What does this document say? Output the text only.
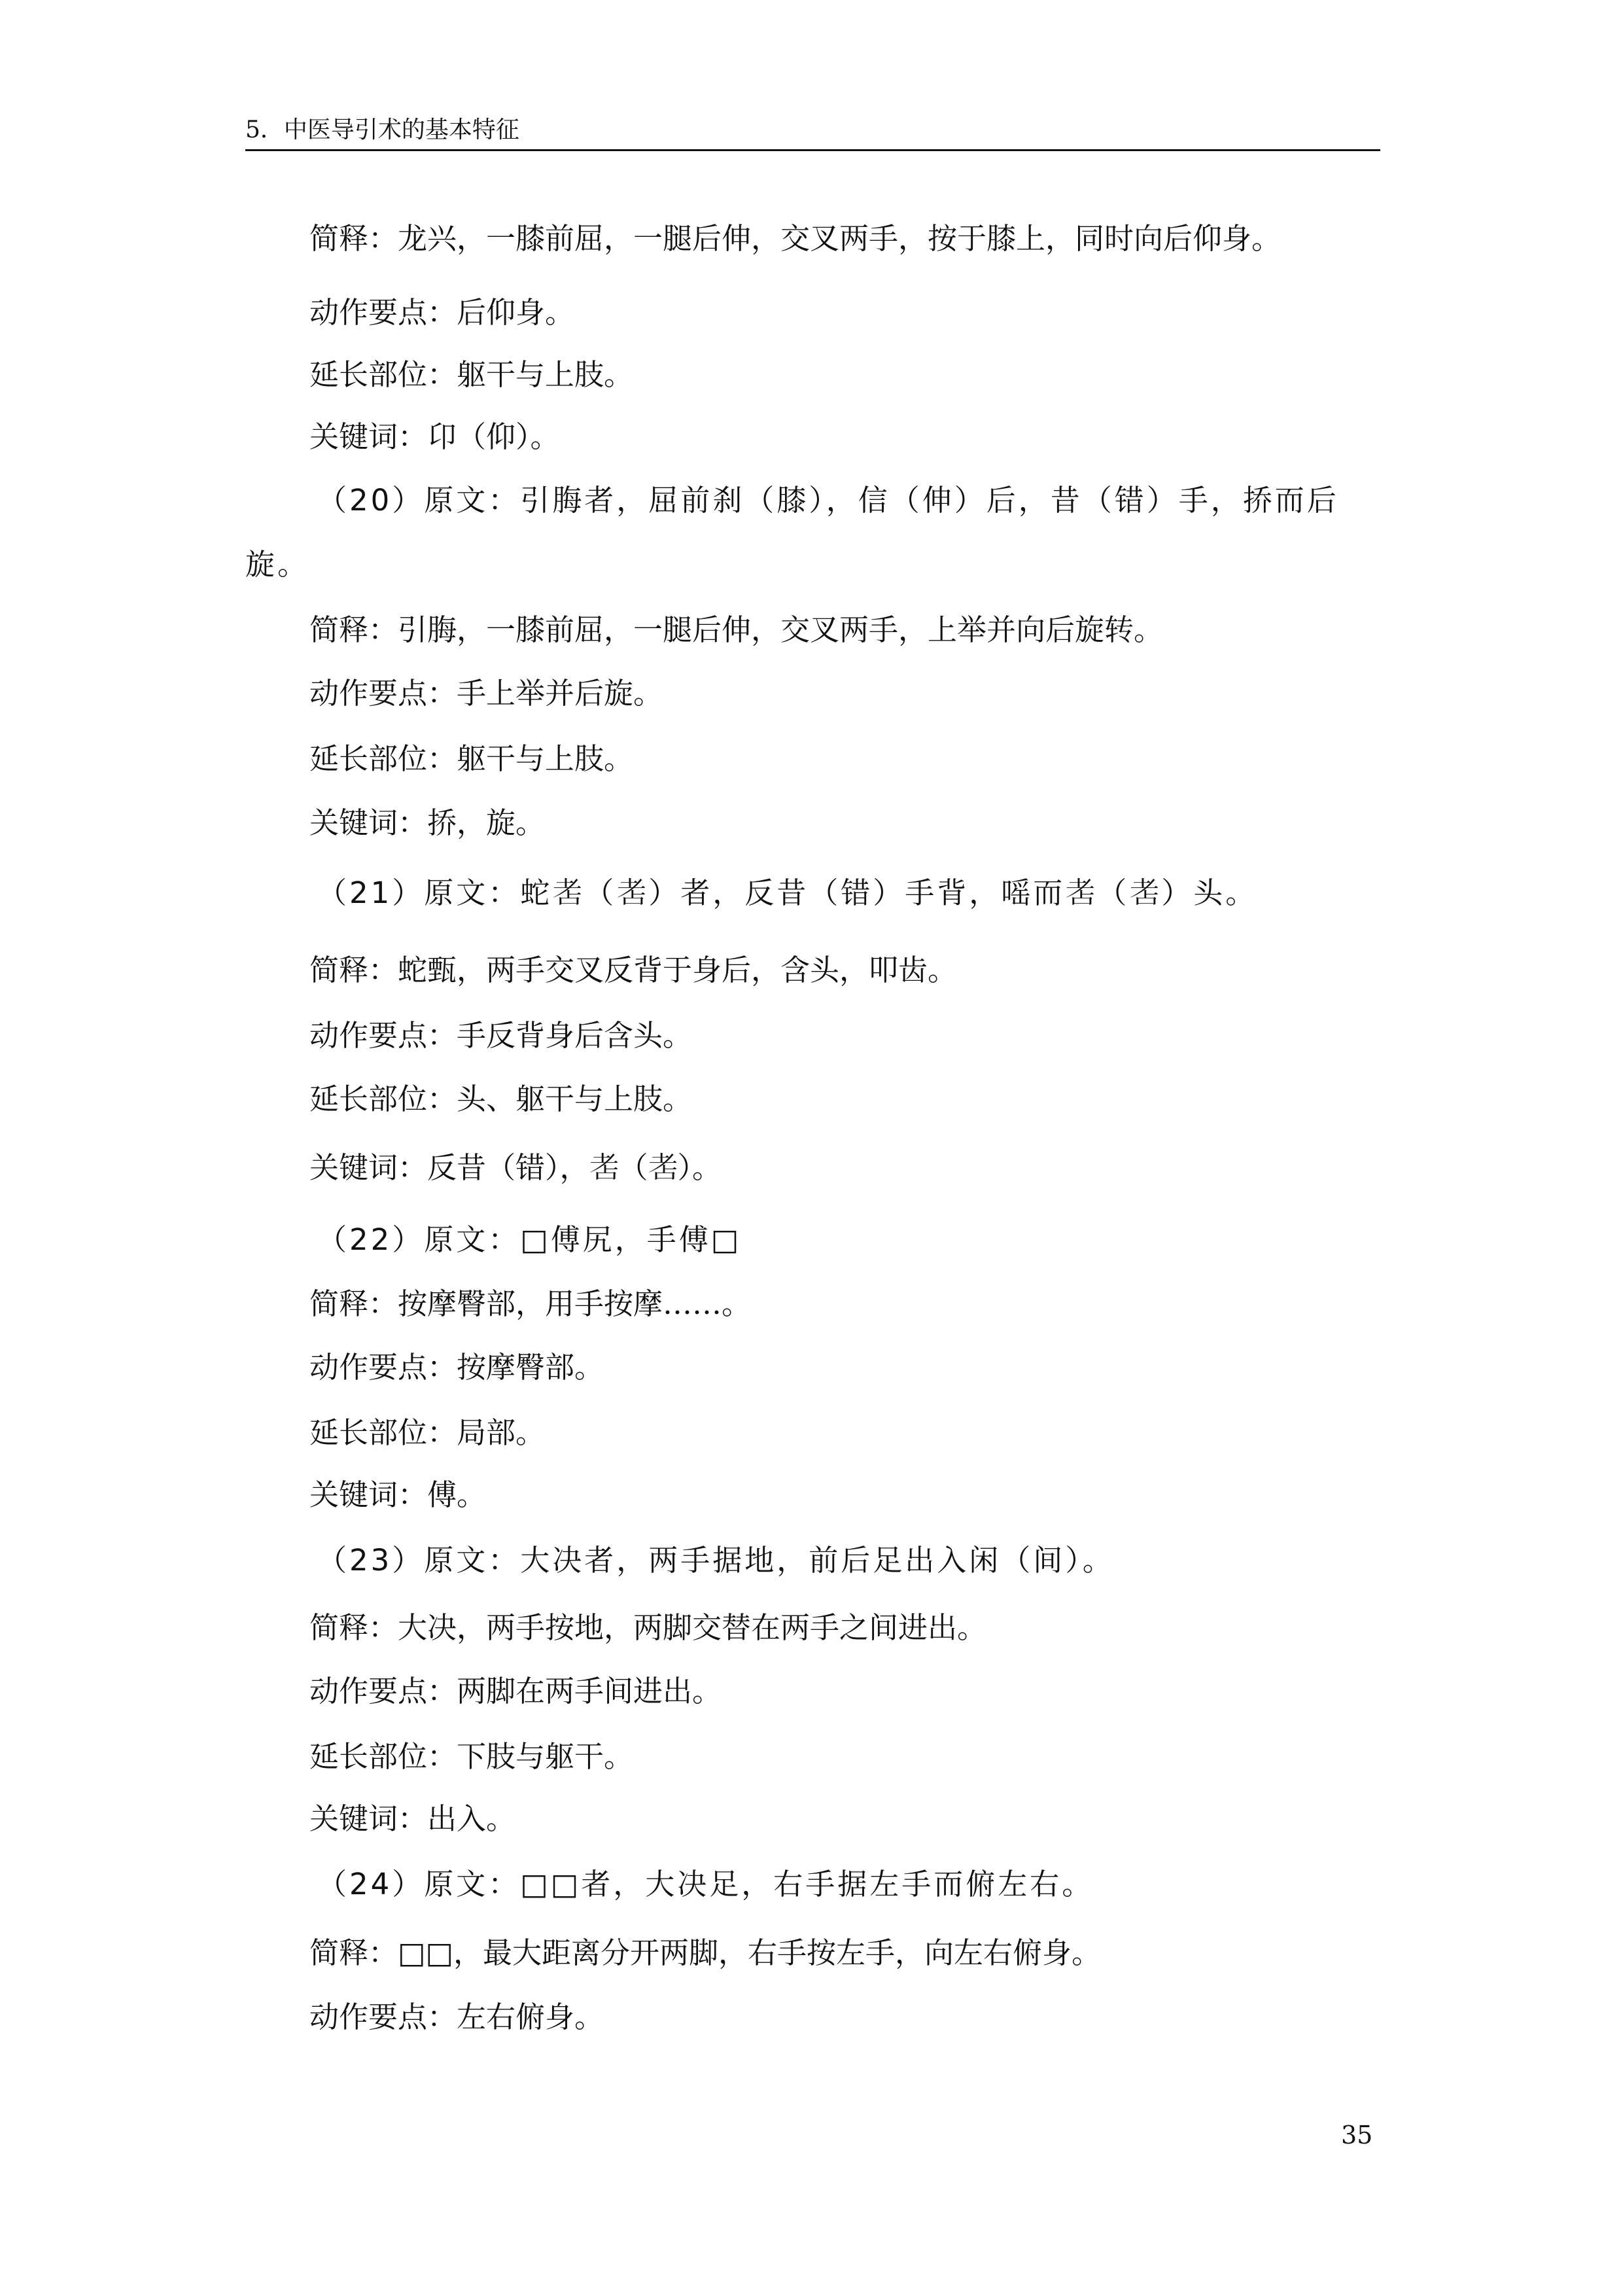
5．中医导引术的基本特征
简释：龙兴，一膝前屈，一腿后伸，交叉两手，按于膝上，同时向后仰身。
动作要点：后仰身。
延长部位：躯干与上肢。
关键词：卬（仰）。
（20）原文：引脢者，屈前刹（膝），信（伸）后，昔（错）手，挢而后
旋。
简释：引脢，一膝前屈，一腿后伸，交叉两手，上举并向后旋转。
动作要点：手上举并后旋。
延长部位：躯干与上肢。
关键词：挢，旋。
（21）原文：蛇𦒻（𦒻）者，反昔（错）手背，嗂而𦒻（𦒻）头。
简释：蛇甄，两手交叉反背于身后，含头，叩齿。
动作要点：手反背身后含头。
延长部位：头、躯干与上肢。
关键词：反昔（错），𦒻（𦒻）。
（22）原文：□傅尻，手傅□
简释：按摩臀部，用手按摩……。
动作要点：按摩臀部。
延长部位：局部。
关键词：傅。
（23）原文：大决者，两手据地，前后足出入闲（间）。
简释：大决，两手按地，两脚交替在两手之间进出。
动作要点：两脚在两手间进出。
延长部位：下肢与躯干。
关键词：出入。
（24）原文：□□者，大决足，右手据左手而俯左右。
简释：□□，最大距离分开两脚，右手按左手，向左右俯身。
动作要点：左右俯身。
35
